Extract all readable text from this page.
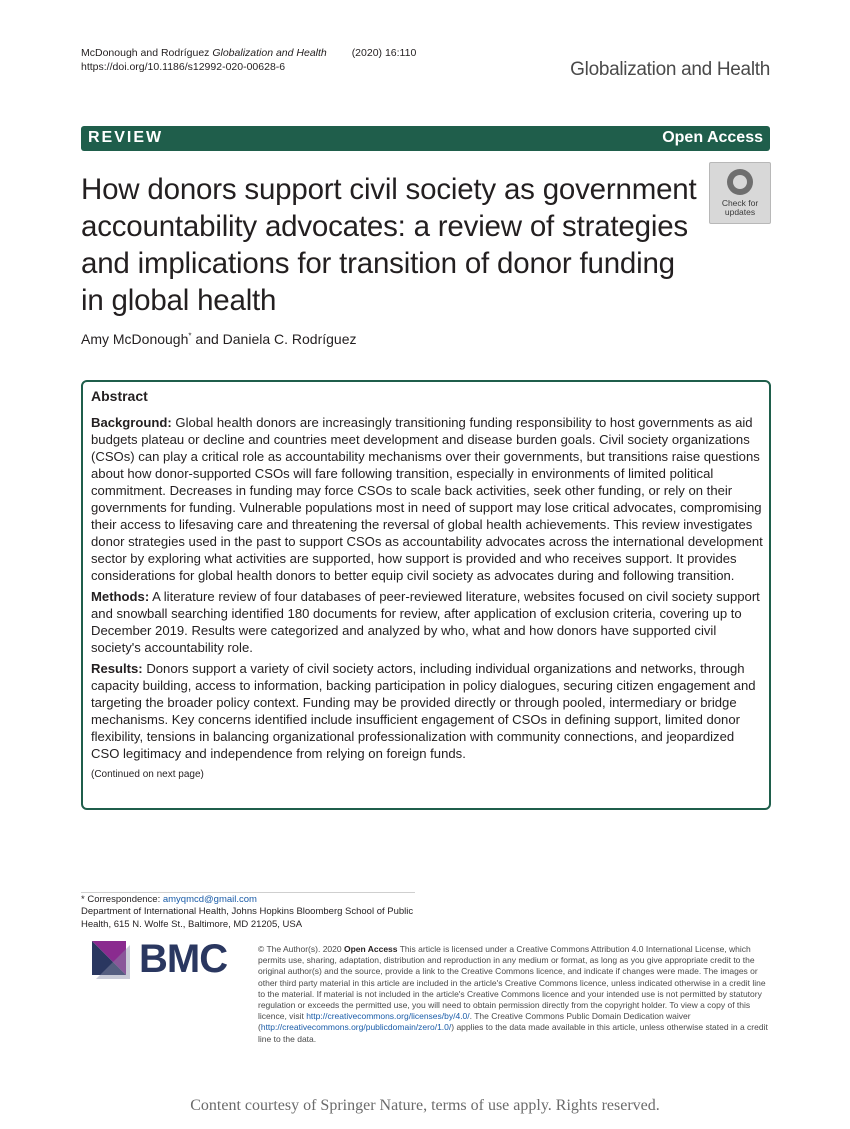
McDonough and Rodríguez Globalization and Health (2020) 16:110
https://doi.org/10.1186/s12992-020-00628-6	Globalization and Health
REVIEW	Open Access
How donors support civil society as government accountability advocates: a review of strategies and implications for transition of donor funding in global health
Check for
updates
Amy McDonough* and Daniela C. Rodríguez
Abstract

Background: Global health donors are increasingly transitioning funding responsibility to host governments as aid budgets plateau or decline and countries meet development and disease burden goals. Civil society organizations (CSOs) can play a critical role as accountability mechanisms over their governments, but transitions raise questions about how donor-supported CSOs will fare following transition, especially in environments of limited political commitment. Decreases in funding may force CSOs to scale back activities, seek other funding, or rely on their governments for funding. Vulnerable populations most in need of support may lose critical advocates, compromising their access to lifesaving care and threatening the reversal of global health achievements. This review investigates donor strategies used in the past to support CSOs as accountability advocates across the international development sector by exploring what activities are supported, how support is provided and who receives support. It provides considerations for global health donors to better equip civil society as advocates during and following transition.

Methods: A literature review of four databases of peer-reviewed literature, websites focused on civil society support and snowball searching identified 180 documents for review, after application of exclusion criteria, covering up to December 2019. Results were categorized and analyzed by who, what and how donors have supported civil society's accountability role.

Results: Donors support a variety of civil society actors, including individual organizations and networks, through capacity building, access to information, backing participation in policy dialogues, securing citizen engagement and targeting the broader policy context. Funding may be provided directly or through pooled, intermediary or bridge mechanisms. Key concerns identified include insufficient engagement of CSOs in defining support, limited donor flexibility, tensions in balancing organizational professionalization with community connections, and jeopardized CSO legitimacy and independence from relying on foreign funds.

(Continued on next page)
* Correspondence: amyqmcd@gmail.com
Department of International Health, Johns Hopkins Bloomberg School of Public Health, 615 N. Wolfe St., Baltimore, MD 21205, USA
BMC	© The Author(s). 2020 Open Access This article is licensed under a Creative Commons Attribution 4.0 International License, which permits use, sharing, adaptation, distribution and reproduction in any medium or format, as long as you give appropriate credit to the original author(s) and the source, provide a link to the Creative Commons licence, and indicate if changes were made. The images or other third party material in this article are included in the article's Creative Commons licence, unless indicated otherwise in a credit line to the material. If material is not included in the article's Creative Commons licence and your intended use is not permitted by statutory regulation or exceeds the permitted use, you will need to obtain permission directly from the copyright holder. To view a copy of this licence, visit http://creativecommons.org/licenses/by/4.0/. The Creative Commons Public Domain Dedication waiver (http://creativecommons.org/publicdomain/zero/1.0/) applies to the data made available in this article, unless otherwise stated in a credit line to the data.
Content courtesy of Springer Nature, terms of use apply. Rights reserved.
